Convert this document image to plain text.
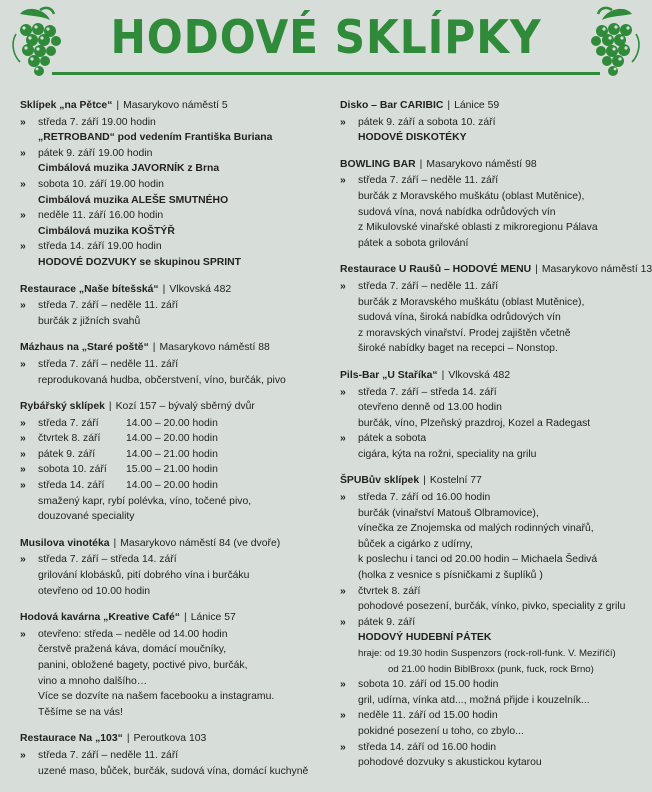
HODOVÉ SKLÍPKY
Sklípek „na Pětce“ | Masarykovo náměstí 5
» středa 7. září 19.00 hodin
„RETROBAND“ pod vedením Františka Buriana
» pátek 9. září 19.00 hodin
Cimbálová muzika JAVORNÍK z Brna
» sobota 10. září 19.00 hodin
Cimbálová muzika ALEŠE SMUTNÉHO
» neděle 11. září 16.00 hodin
Cimbálová muzika KOŠTÝŘ
» středa 14. září 19.00 hodin
HODOVÉ DOZVUKY se skupinou SPRINT
Restaurace „Naše bítešská“ | Vlkovská 482
» středa 7. září – neděle 11. září
burčák z jižních svahů
Mázhaus na „Staré poště“ | Masarykovo náměstí 88
» středa 7. září – neděle 11. září
reprodukovaná hudba, občerstvení, víno, burčák, pivo
Rybářský sklípek | Kozí 157 – bývalý sběrný dvůr
» středa 7. září	14.00 – 20.00 hodin
» čtvrtek 8. září 14.00 – 20.00 hodin
» pátek 9. září	14.00 – 21.00 hodin
» sobota 10. září 15.00 – 21.00 hodin
» středa 14. září 14.00 – 20.00 hodin
smažený kapr, rybí polévka, víno, točené pivo,
douzované speciality
Musilova vinotéka | Masarykovo náměstí 84 (ve dvoře)
» středa 7. září – středa 14. září
grilování klobásků, pití dobrého vína i burčáku
otevřeno od 10.00 hodin
Hodová kavárna „Kreative Café“ | Lánice 57
» otevřeno: středa – neděle od 14.00 hodin
čerstvě pražená káva, domácí moučníky,
panini, obložené bagety, poctivé pivo, burčák,
vino a mnoho dalšího…
Více se dozvíte na našem facebooku a instagramu.
Těšíme se na vás!
Restaurace Na „103“ | Peroutkova 103
» středa 7. září – neděle 11. září
uzené maso, bůček, burčák, sudová vína, domácí kuchyně
Disko – Bar CARIBIC | Lánice 59
» pátek 9. září a sobota 10. září
HODOVÉ DISKOTÉKY
BOWLING BAR | Masarykovo náměstí 98
» středa 7. září – neděle 11. září
burčák z Moravského muškátu (oblast Mutěnice),
sudová vína, nová nabídka odrůdových vín
z Mikulovské vinařské oblasti z mikroregionu Pálava
pátek a sobota grilování
Restaurace U Raušů – HODOVÉ MENU | Masarykovo náměstí 13
» středa 7. září – neděle 11. září
burčák z Moravského muškátu (oblast Mutěnice),
sudová vína, široká nabídka odrůdových vín
z moravských vinařství. Prodej zajištěn včetně
široké nabídky baget na recepci – Nonstop.
Pils-Bar „U Staříka“ | Vlkovská 482
» středa 7. září – středa 14. září
otevřeno denně od 13.00 hodin
burčák, víno, Plzeňský prazdroj, Kozel a Radegast
» pátek a sobota
cigára, kýta na rožni, speciality na grilu
ŠPUBův sklípek | Kostelní 77
» středa 7. září od 16.00 hodin
burčák (vinařství Matouš Olbramovice),
vínečka ze Znojemska od malých rodinných vinařů,
bůček a cigárko z udírny,
k poslechu i tanci od 20.00 hodin – Michaela Šedivá
(holka z vesnice s písničkami z šuplíků )
» čtvrtek 8. září
pohodové posezení, burčák, vínko, pivko, speciality z grilu
» pátek 9. září
HODOVÝ HUDEBNÍ PÁTEK
hraje: od 19.30 hodin Suspenzors (rock-roll-funk. V. Meziříčí)
od 21.00 hodin BiblBroxx (punk, fuck, rock Brno)
» sobota 10. září od 15.00 hodin
gril, udírna, vínka atd..., možná přijde i kouzelník...
» neděle 11. září od 15.00 hodin
pokidné posezení u toho, co zbylo...
» středa 14. září od 16.00 hodin
pohodové dozvuky s akustickou kytarou
